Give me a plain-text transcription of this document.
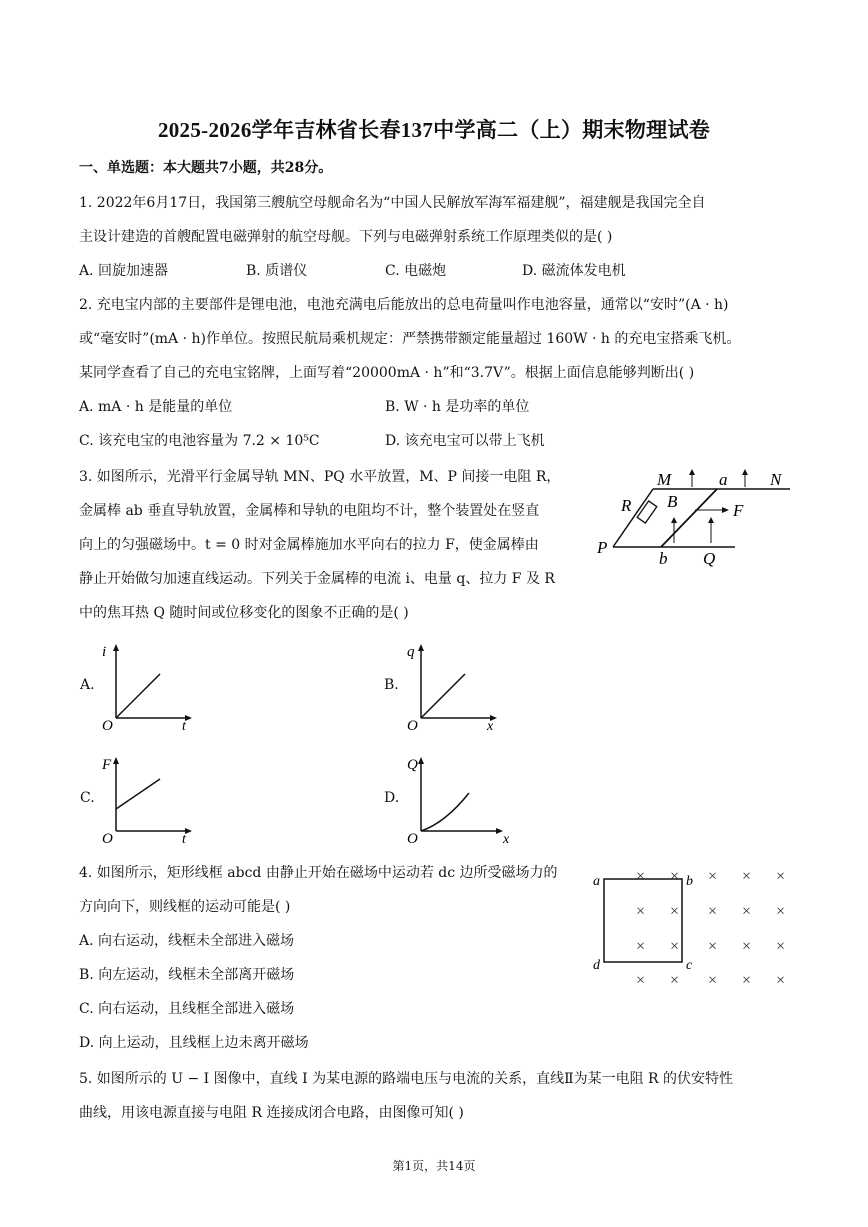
2025-2026学年吉林省长春137中学高二（上）期末物理试卷
一、单选题：本大题共7小题，共28分。
1. 2022年6月17日，我国第三艘航空母舰命名为“中国人民解放军海军福建舰”，福建舰是我国完全自
主设计建造的首艘配置电磁弹射的航空母舰。下列与电磁弹射系统工作原理类似的是( )
A. 回旋加速器	B. 质谱仪	C. 电磁炮	D. 磁流体发电机
2. 充电宝内部的主要部件是锂电池，电池充满电后能放出的总电荷量叫作电池容量，通常以“安时”(A · h)
或“毫安时”(mA · h)作单位。按照民航局乘机规定：严禁携带额定能量超过 160W · h 的充电宝搭乘飞机。
某同学查看了自己的充电宝铭牌，上面写着“20000mA · h”和“3.7V”。根据上面信息能够判断出( )
A. mA · h 是能量的单位	B. W · h 是功率的单位
C. 该充电宝的电池容量为 7.2 × 10⁵C	D. 该充电宝可以带上飞机
3. 如图所示，光滑平行金属导轨 MN、PQ 水平放置，M、P 间接一电阻 R，
金属棒 ab 垂直导轨放置，金属棒和导轨的电阻均不计，整个装置处在竖直
向上的匀强磁场中。t = 0 时对金属棒施加水平向右的拉力 F，使金属棒由
静止开始做匀加速直线运动。下列关于金属棒的电流 i、电量 q、拉力 F 及 R
中的焦耳热 Q 随时间或位移变化的图象不正确的是( )
M	a	N
B
R	F
P
b Q
A.
i
t
O
B.
q
x
O
C.
F
t
O
D.
Q
x
O
4. 如图所示，矩形线框 abcd 由静止开始在磁场中运动若 dc 边所受磁场力的
方向向下，则线框的运动可能是( )
A. 向右运动，线框未全部进入磁场
B. 向左运动，线框未全部离开磁场
C. 向右运动，且线框全部进入磁场
D. 向上运动，且线框上边未离开磁场
× × × × ×
× × × × ×
× × × × ×
× × × × ×
a	b
c
d
5. 如图所示的 U − I 图像中，直线 I 为某电源的路端电压与电流的关系，直线Ⅱ为某一电阻 R 的伏安特性
曲线，用该电源直接与电阻 R 连接成闭合电路，由图像可知( )
第1页，共14页
